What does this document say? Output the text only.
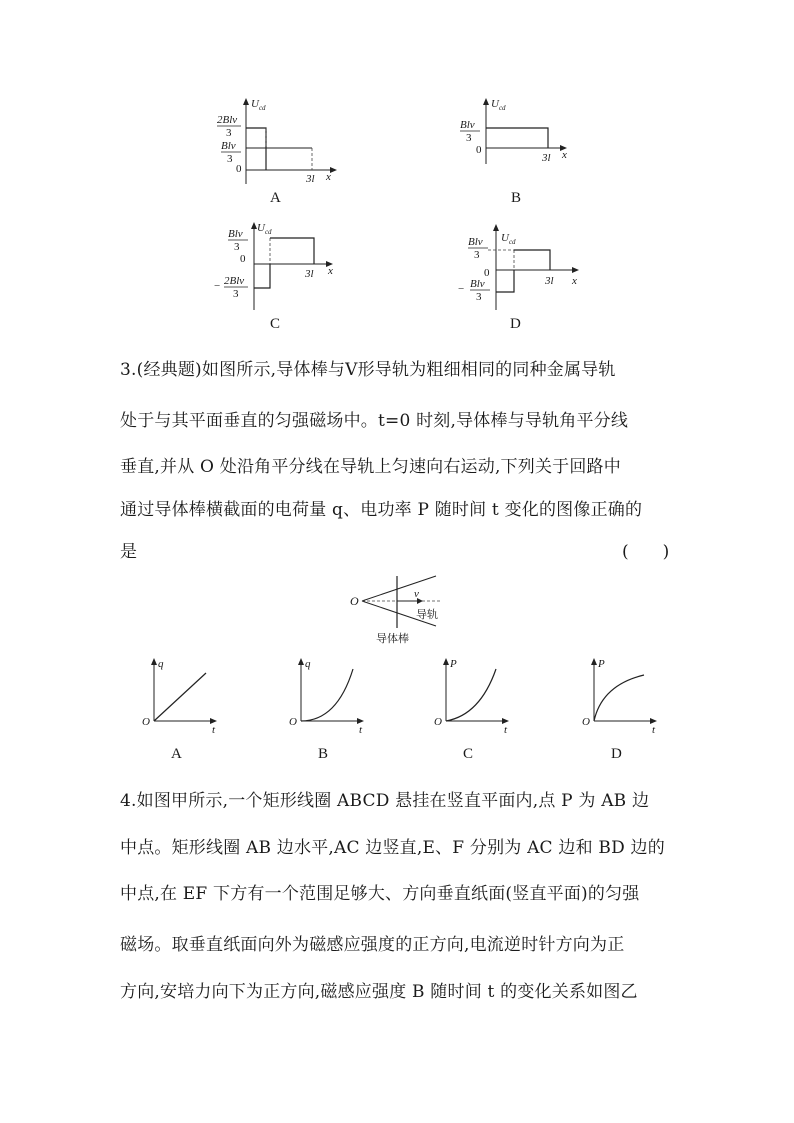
$U_{cd}$
2Blv
3
Blv
3
0
3l x
A
$U_{cd}$
Blv
3
0
3l x
B
$U_{cd}$
Blv
3
0
− 2Blv
3
3l x
C
$U_{cd}$
Blv
3
0
− Blv
3
3l x
D
3.(经典题)如图所示,导体棒与V形导轨为粗细相同的同种金属导轨
处于与其平面垂直的匀强磁场中。t=0 时刻,导体棒与导轨角平分线
垂直,并从 O 处沿角平分线在导轨上匀速向右运动,下列关于回路中
通过导体棒横截面的电荷量 q、电功率 P 随时间 t 变化的图像正确的
是	(　　)
O	v
导轨
导体棒
q
O
t
A
q
O
t
B
P
O
t
C
P
O
t
D
4.如图甲所示,一个矩形线圈 ABCD 悬挂在竖直平面内,点 P 为 AB 边
中点。矩形线圈 AB 边水平,AC 边竖直,E、F 分别为 AC 边和 BD 边的
中点,在 EF 下方有一个范围足够大、方向垂直纸面(竖直平面)的匀强
磁场。取垂直纸面向外为磁感应强度的正方向,电流逆时针方向为正
方向,安培力向下为正方向,磁感应强度 B 随时间 t 的变化关系如图乙
